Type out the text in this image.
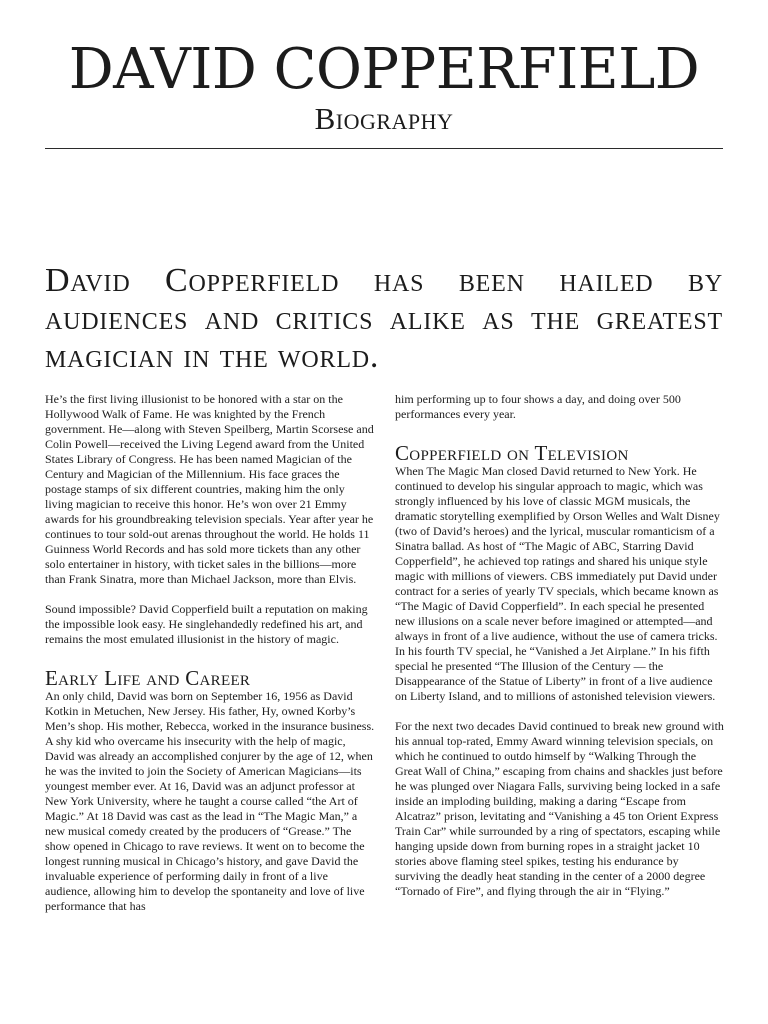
DAVID COPPERFIELD
Biography
David Copperfield has been hailed by audiences and critics alike as the greatest magician in the world.

He’s the first living illusionist to be honored with a star on the Hollywood Walk of Fame. He was knighted by the French government. He—along with Steven Speilberg, Martin Scorsese and Colin Powell—received the Living Legend award from the United States Library of Congress. He has been named Magician of the Century and Magician of the Millennium. His face graces the postage stamps of six different countries, making him the only living magician to receive this honor. He’s won over 21 Emmy awards for his groundbreaking television specials. Year after year he continues to tour sold-out arenas throughout the world. He holds 11 Guinness World Records and has sold more tickets than any other solo entertainer in history, with ticket sales in the billions—more than Frank Sinatra, more than Michael Jackson, more than Elvis.

Sound impossible? David Copperfield built a reputation on making the impossible look easy. He singlehandedly redefined his art, and remains the most emulated illusionist in the history of magic.

Early Life and Career

An only child, David was born on September 16, 1956 as David Kotkin in Metuchen, New Jersey. His father, Hy, owned Korby’s Men’s shop. His mother, Rebecca, worked in the insurance business. A shy kid who overcame his insecurity with the help of magic, David was already an accomplished conjurer by the age of 12, when he was the invited to join the Society of American Magicians—its youngest member ever. At 16, David was an adjunct professor at New York University, where he taught a course called “the Art of Magic.” At 18 David was cast as the lead in “The Magic Man,” a new musical comedy created by the producers of “Grease.” The show opened in Chicago to rave reviews. It went on to become the longest running musical in Chicago’s history, and gave David the invaluable experience of performing daily in front of a live audience, allowing him to develop the spontaneity and love of live performance that has

him performing up to four shows a day, and doing over 500 performances every year.

Copperfield on Television

When The Magic Man closed David returned to New York. He continued to develop his singular approach to magic, which was strongly influenced by his love of classic MGM musicals, the dramatic storytelling exemplified by Orson Welles and Walt Disney (two of David’s heroes) and the lyrical, muscular romanticism of a Sinatra ballad. As host of “The Magic of ABC, Starring David Copperfield”, he achieved top ratings and shared his unique style magic with millions of viewers. CBS immediately put David under contract for a series of yearly TV specials, which became known as “The Magic of David Copperfield”. In each special he presented new illusions on a scale never before imagined or attempted—and always in front of a live audience, without the use of camera tricks. In his fourth TV special, he “Vanished a Jet Airplane.” In his fifth special he presented “The Illusion of the Century — the Disappearance of the Statue of Liberty” in front of a live audience on Liberty Island, and to millions of astonished television viewers.

For the next two decades David continued to break new ground with his annual top-rated, Emmy Award winning television specials, on which he continued to outdo himself by “Walking Through the Great Wall of China,” escaping from chains and shackles just before he was plunged over Niagara Falls, surviving being locked in a safe inside an imploding building, making a daring “Escape from Alcatraz” prison, levitating and “Vanishing a 45 ton Orient Express Train Car” while surrounded by a ring of spectators, escaping while hanging upside down from burning ropes in a straight jacket 10 stories above flaming steel spikes, testing his endurance by surviving the deadly heat standing in the center of a 2000 degree “Tornado of Fire”, and flying through the air in “Flying.”
